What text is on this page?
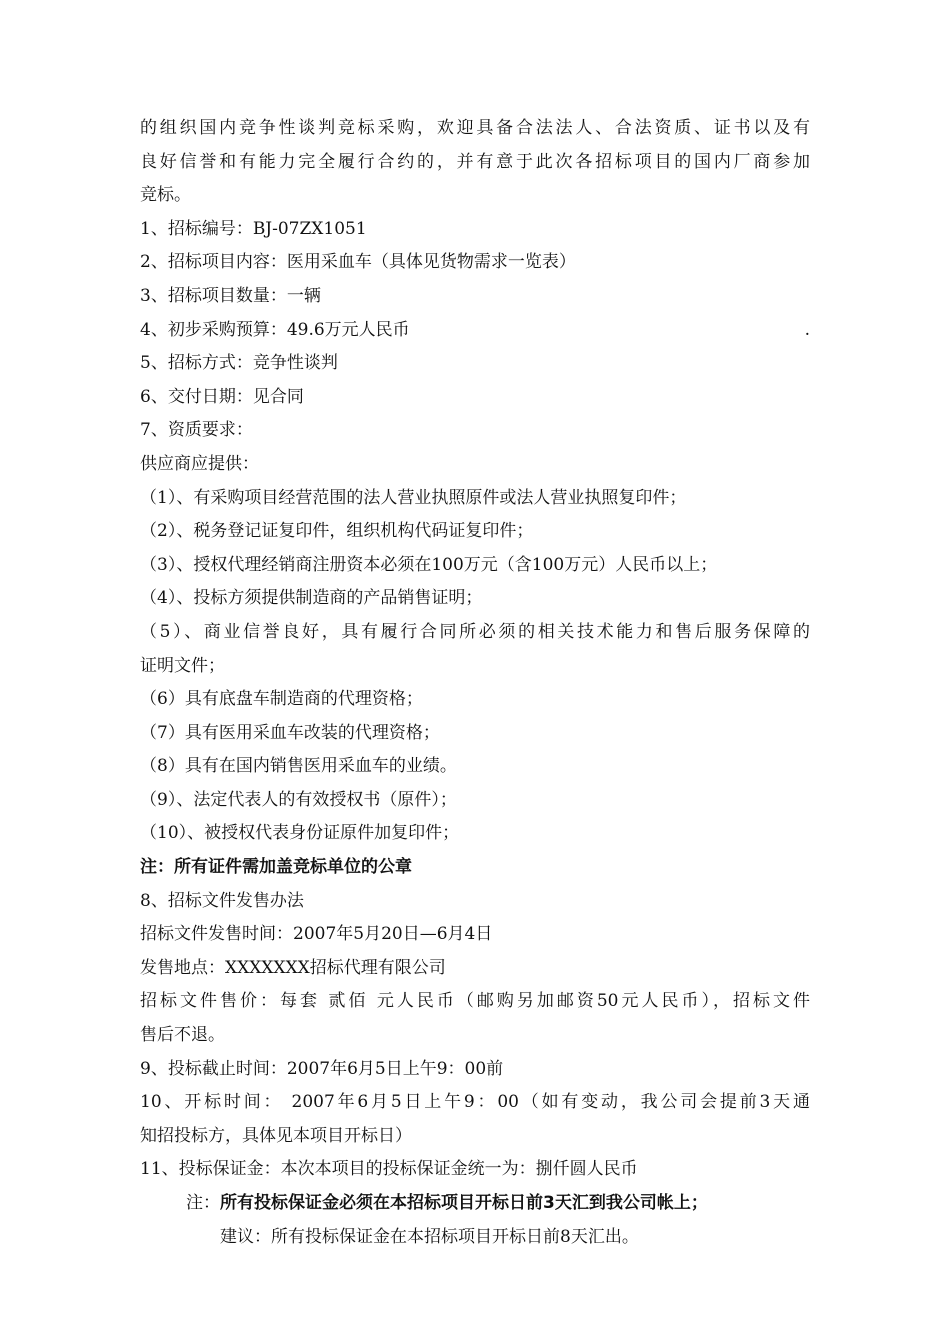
的组织国内竞争性谈判竞标采购，欢迎具备合法法人、合法资质、证书以及有
良好信誉和有能力完全履行合约的，并有意于此次各招标项目的国内厂商参加
竞标。
1、招标编号：BJ-07ZX1051
2、招标项目内容：医用采血车（具体见货物需求一览表）
3、招标项目数量：一辆
4、初步采购预算：49.6万元人民币	.
5、招标方式：竞争性谈判
6、交付日期：见合同
7、资质要求：
供应商应提供：
（1）、有采购项目经营范围的法人营业执照原件或法人营业执照复印件；
（2）、税务登记证复印件，组织机构代码证复印件；
（3）、授权代理经销商注册资本必须在100万元（含100万元）人民币以上；
（4）、投标方须提供制造商的产品销售证明；
（5）、商业信誉良好，具有履行合同所必须的相关技术能力和售后服务保障的
证明文件；
（6）具有底盘车制造商的代理资格；
（7）具有医用采血车改装的代理资格；
（8）具有在国内销售医用采血车的业绩。
（9）、法定代表人的有效授权书（原件）；
（10）、被授权代表身份证原件加复印件；
注：所有证件需加盖竞标单位的公章
8、招标文件发售办法
招标文件发售时间：2007年5月20日—6月4日
发售地点：XXXXXXX招标代理有限公司
招标文件售价：每套 贰佰 元人民币（邮购另加邮资50元人民币），招标文件
售后不退。
9、投标截止时间：2007年6月5日上午9：00前
10、开标时间： 2007年6月5日上午9：00（如有变动，我公司会提前3天通
知招投标方，具体见本项目开标日）
11、投标保证金：本次本项目的投标保证金统一为：捌仟圆人民币
注：所有投标保证金必须在本招标项目开标日前3天汇到我公司帐上；
建议：所有投标保证金在本招标项目开标日前8天汇出。
